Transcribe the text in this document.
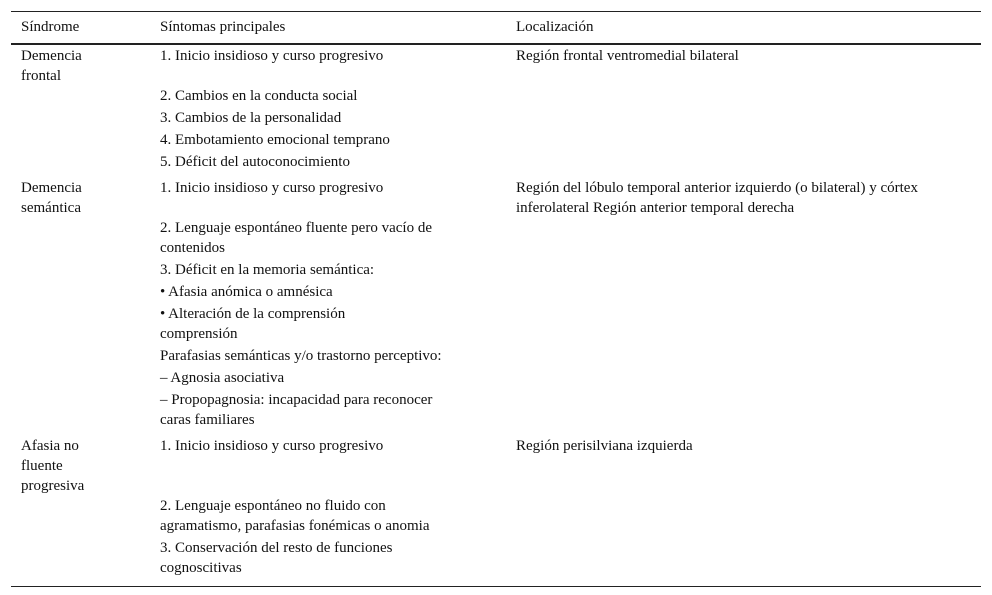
Síndrome	Síntomas principales	Localización
Demencia frontal
1. Inicio insidioso y curso progresivo
2. Cambios en la conducta social
3. Cambios de la personalidad
4. Embotamiento emocional temprano
5. Déficit del autoconocimiento
Región frontal ventromedial bilateral
Demencia semántica
1. Inicio insidioso y curso progresivo
2. Lenguaje espontáneo fluente pero vacío de contenidos
3. Déficit en la memoria semántica:
• Afasia anómica o amnésica
• Alteración de la comprensión comprensión
Parafasias semánticas y/o trastorno perceptivo:
– Agnosia asociativa
– Propopagnosia: incapacidad para reconocer caras familiares
Región del lóbulo temporal anterior izquierdo (o bilateral) y córtex inferolateral Región anterior temporal derecha
Afasia no fluente progresiva
1. Inicio insidioso y curso progresivo
2. Lenguaje espontáneo no fluido con agramatismo, parafasias fonémicas o anomia
3. Conservación del resto de funciones cognoscitivas
Región perisilviana izquierda
